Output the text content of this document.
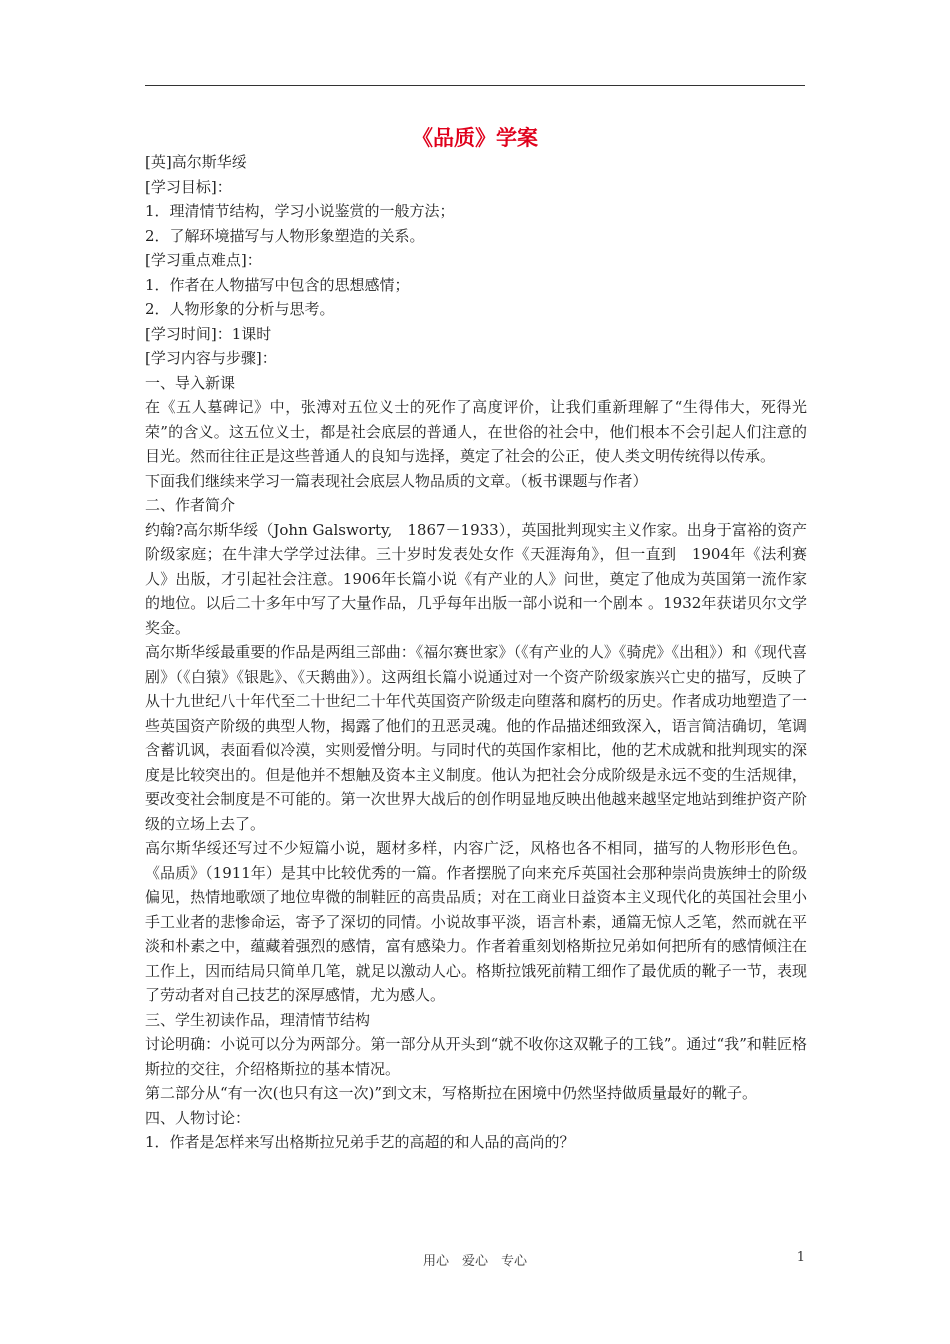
《品质》学案
[英]高尔斯华绥
[学习目标]：
1．理清情节结构，学习小说鉴赏的一般方法；
2．了解环境描写与人物形象塑造的关系。
[学习重点难点]：
1．作者在人物描写中包含的思想感情；
2．人物形象的分析与思考。
[学习时间]：1课时
[学习内容与步骤]：
一、导入新课
在《五人墓碑记》中，张溥对五位义士的死作了高度评价，让我们重新理解了“生得伟大，死得光荣”的含义。这五位义士，都是社会底层的普通人，在世俗的社会中，他们根本不会引起人们注意的目光。然而往往正是这些普通人的良知与选择，奠定了社会的公正，使人类文明传统得以传承。
下面我们继续来学习一篇表现社会底层人物品质的文章。（板书课题与作者）
二、作者简介
约翰?高尔斯华绥（John Galsworty,　1867－1933），英国批判现实主义作家。出身于富裕的资产阶级家庭；在牛津大学学过法律。三十岁时发表处女作《天涯海角》，但一直到　1904年《法利赛人》出版，才引起社会注意。1906年长篇小说《有产业的人》问世，奠定了他成为英国第一流作家的地位。以后二十多年中写了大量作品，几乎每年出版一部小说和一个剧本 。1932年获诺贝尔文学奖金。
高尔斯华绥最重要的作品是两组三部曲：《福尔赛世家》（《有产业的人》《骑虎》《出租》）和《现代喜剧》（《白猿》《银匙》、《天鹅曲》）。这两组长篇小说通过对一个资产阶级家族兴亡史的描写，反映了从十九世纪八十年代至二十世纪二十年代英国资产阶级走向堕落和腐朽的历史。作者成功地塑造了一些英国资产阶级的典型人物，揭露了他们的丑恶灵魂。他的作品描述细致深入，语言简洁确切，笔调含蓄讥讽，表面看似冷漠，实则爱憎分明。与同时代的英国作家相比，他的艺术成就和批判现实的深度是比较突出的。但是他并不想触及资本主义制度。他认为把社会分成阶级是永远不变的生活规律，要改变社会制度是不可能的。第一次世界大战后的创作明显地反映出他越来越坚定地站到维护资产阶级的立场上去了。
高尔斯华绥还写过不少短篇小说，题材多样，内容广泛，风格也各不相同，描写的人物形形色色。《品质》（1911年）是其中比较优秀的一篇。作者摆脱了向来充斥英国社会那种崇尚贵族绅士的阶级偏见，热情地歌颂了地位卑微的制鞋匠的高贵品质；对在工商业日益资本主义现代化的英国社会里小手工业者的悲惨命运，寄予了深切的同情。小说故事平淡，语言朴素，通篇无惊人乏笔，然而就在平淡和朴素之中，蕴藏着强烈的感情，富有感染力。作者着重刻划格斯拉兄弟如何把所有的感情倾注在工作上，因而结局只简单几笔，就足以激动人心。格斯拉饿死前精工细作了最优质的靴子一节，表现了劳动者对自己技艺的深厚感情，尤为感人。
三、学生初读作品，理清情节结构
讨论明确：小说可以分为两部分。第一部分从开头到“就不收你这双靴子的工钱”。通过“我”和鞋匠格斯拉的交往，介绍格斯拉的基本情况。
第二部分从“有一次(也只有这一次)”到文末，写格斯拉在困境中仍然坚持做质量最好的靴子。
四、人物讨论：
1．作者是怎样来写出格斯拉兄弟手艺的高超的和人品的高尚的？
用心　爱心　专心	1
